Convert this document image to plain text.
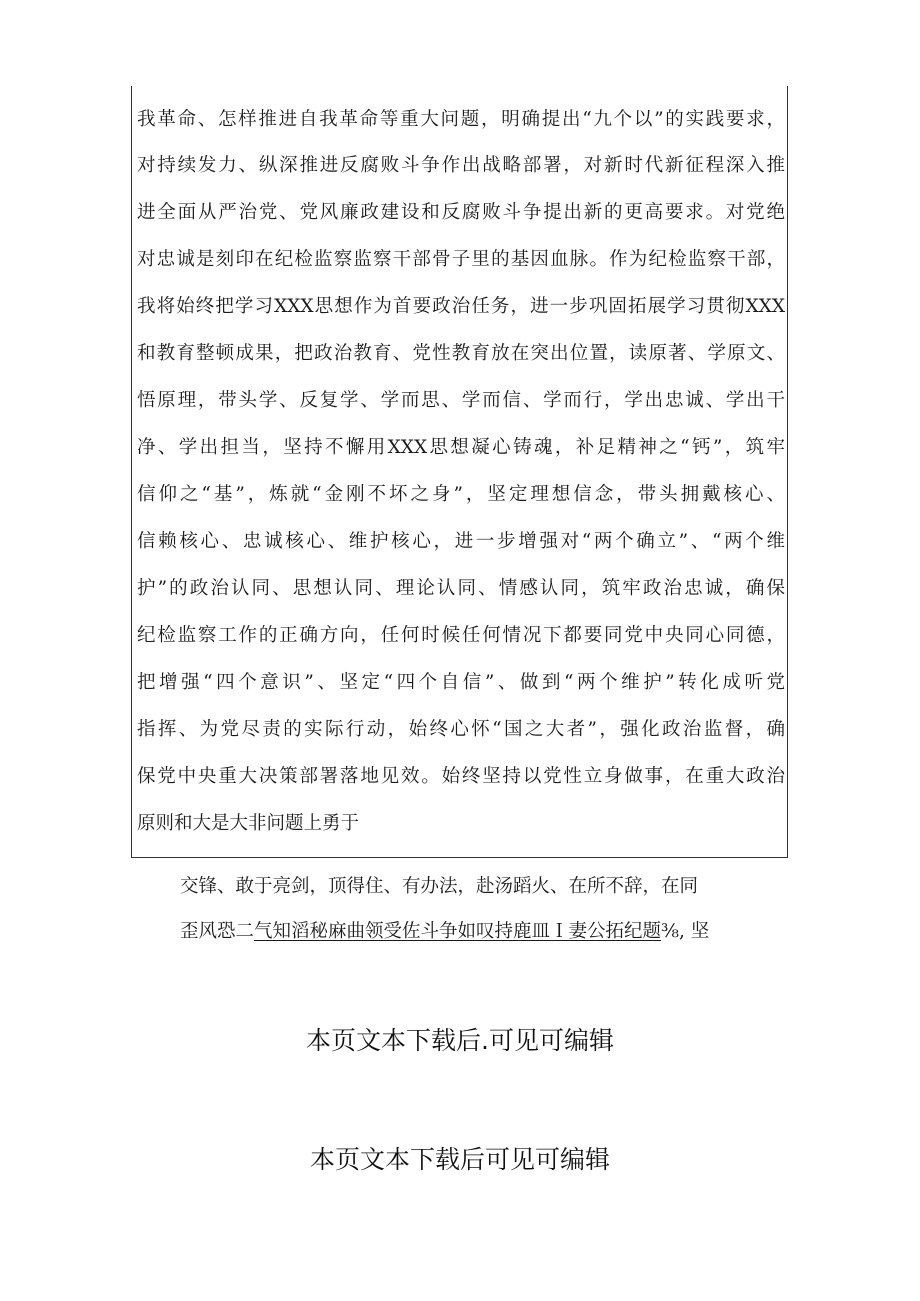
我革命、怎样推进自我革命等重大问题，明确提出“九个以”的实践要求，
对持续发力、纵深推进反腐败斗争作出战略部署，对新时代新征程深入推
进全面从严治党、党风廉政建设和反腐败斗争提出新的更高要求。对党绝
对忠诚是刻印在纪检监察监察干部骨子里的基因血脉。作为纪检监察干部，
我将始终把学习XXX思想作为首要政治任务，进一步巩固拓展学习贯彻XXX
和教育整顿成果，把政治教育、党性教育放在突出位置，读原著、学原文、
悟原理，带头学、反复学、学而思、学而信、学而行，学出忠诚、学出干
净、学出担当，坚持不懈用XXX思想凝心铸魂，补足精神之“钙”，筑牢
信仰之“基”，炼就“金刚不坏之身”，坚定理想信念，带头拥戴核心、
信赖核心、忠诚核心、维护核心，进一步增强对“两个确立”、“两个维
护”的政治认同、思想认同、理论认同、情感认同，筑牢政治忠诚，确保
纪检监察工作的正确方向，任何时候任何情况下都要同党中央同心同德，
把增强“四个意识”、坚定“四个自信”、做到“两个维护”转化成听党
指挥、为党尽责的实际行动，始终心怀“国之大者”，强化政治监督，确
保党中央重大决策部署落地见效。始终坚持以党性立身做事，在重大政治
原则和大是大非问题上勇于
交锋、敢于亮剑，顶得住、有办法，赴汤蹈火、在所不辞，在同
歪风恐二气知滔秘麻曲领受佐斗争如叹持鹿皿Ｉ妻公拓纪题⅜, 坚
本页文本下载后.可见可编辑
本页文本下载后可见可编辑
